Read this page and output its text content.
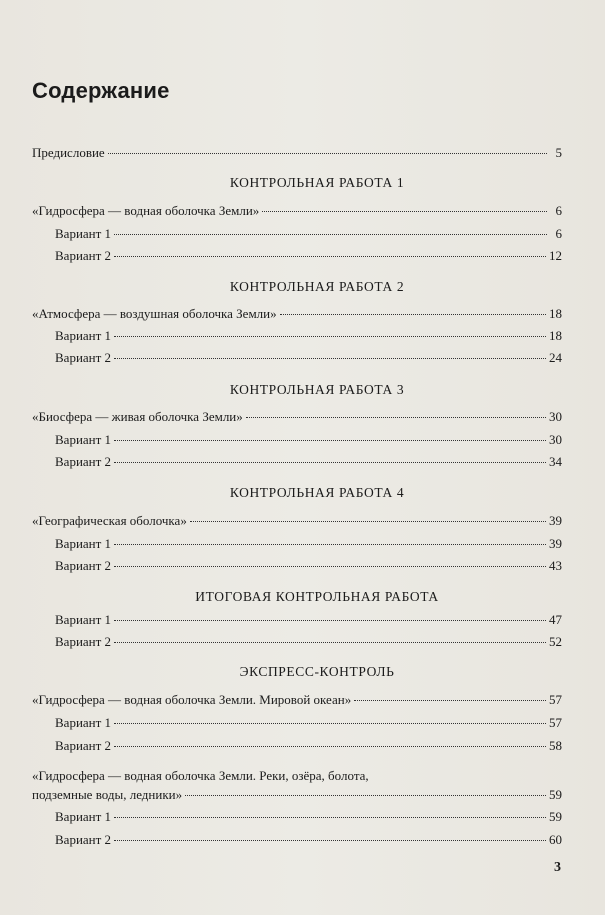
Содержание
Предисловие	5
КОНТРОЛЬНАЯ РАБОТА 1
«Гидросфера — водная оболочка Земли»	6
Вариант 1	6
Вариант 2	12
КОНТРОЛЬНАЯ РАБОТА 2
«Атмосфера — воздушная оболочка Земли»	18
Вариант 1	18
Вариант 2	24
КОНТРОЛЬНАЯ РАБОТА 3
«Биосфера — живая оболочка Земли»	30
Вариант 1	30
Вариант 2	34
КОНТРОЛЬНАЯ РАБОТА 4
«Географическая оболочка»	39
Вариант 1	39
Вариант 2	43
ИТОГОВАЯ КОНТРОЛЬНАЯ РАБОТА
Вариант 1	47
Вариант 2	52
ЭКСПРЕСС-КОНТРОЛЬ
«Гидросфера — водная оболочка Земли. Мировой океан»	57
Вариант 1	57
Вариант 2	58
«Гидросфера — водная оболочка Земли. Реки, озёра, болота,
подземные воды, ледники»	59
Вариант 1	59
Вариант 2	60
3
